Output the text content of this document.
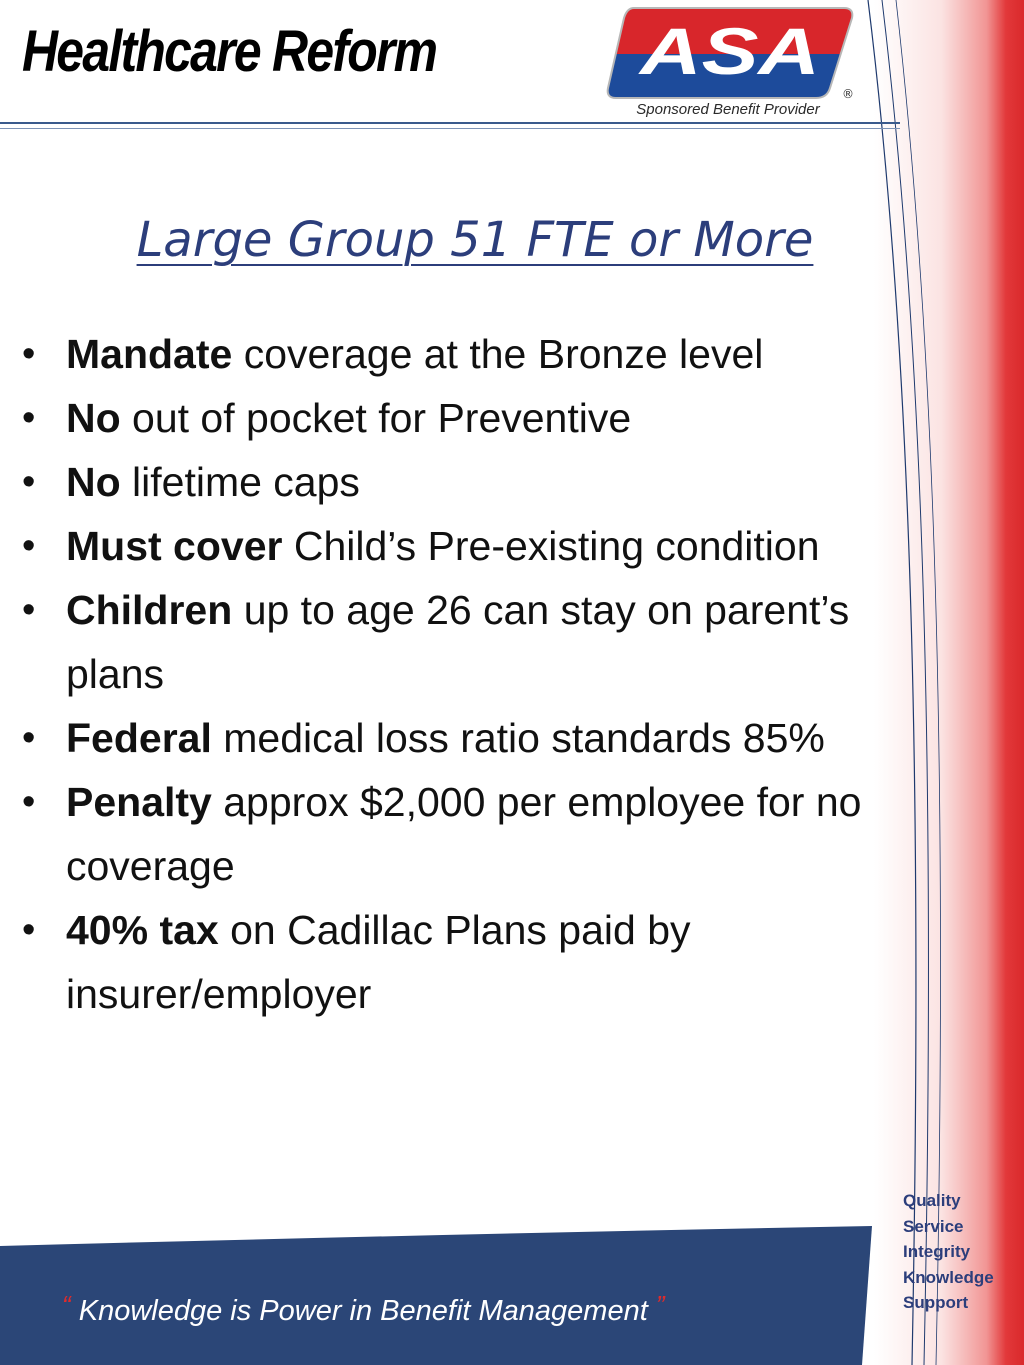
Healthcare Reform	ASA
®
Sponsored Benefit Provider
Large Group 51 FTE or More
• Mandate coverage at the Bronze level
• No out of pocket for Preventive
• No lifetime caps
• Must cover Child’s Pre-existing condition
• Children up to age 26 can stay on parent’s plans
• Federal medical loss ratio standards 85%
• Penalty approx $2,000 per employee for no coverage
• 40% tax on Cadillac Plans paid by insurer/employer
“ Knowledge is Power in Benefit Management ”
Quality
Service
Integrity
Knowledge
Support
